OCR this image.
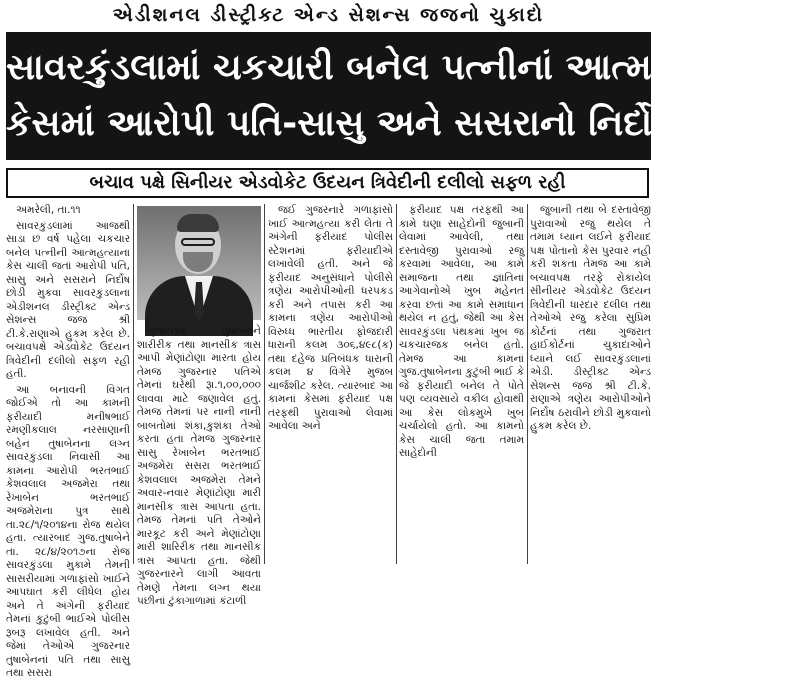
એડીશનલ ડીસ્ટ્રીક્ટ એન્ડ સેશન્સ જજનો ચુકાદો
સાવરકુંડલામાં ચકચારી બનેલ પત્નીનાં આત્મહત્યા
કેસમાં આરોપી પતિ-સાસુ અને સસરાનો નિર્દોષ છુટકારો
બચાવ પક્ષે સિનીયર એડવોકેટ ઉદયન ત્રિવેદીની દલીલો સફળ રહી

અમરેલી, તા.૧૧

સાવરકુંડલામાં આજથી સાડા છ વર્ષ પહેલા ચકચાર બનેલ પત્નીની આત્મહત્યાના કેસ ચાલી જતાં આરોપી પતિ, સાસુ અને સસરાને નિર્દોષ છોડી મુકવા સાવરકુંડલાના એડીશનલ ડીસ્ટ્રીક્ટ એન્ડ સેશન્સ જજ શ્રી ટી.કે.રાણાએ હુકમ કરેલ છે. બચાવપક્ષે એડવોકેટ ઉદયન ત્રિવેદીની દલીલો સફળ રહી હતી.

આ બનાવની વિગત જોઈએ તો આ કામની ફરીયાદી મનીષભાઈ રમણીકલાલ નરસાણાની બહેન તુષાબેનના લગ્ન સાવરકુંડલા નિવાસી આ કામના આરોપી ભરતભાઈ કેશવલાલ અજમેરા તથા રેખાબેન ભરતભાઈ અજમેરાના પુત્ર સાથે તા.૨૮/૧/૨૦૧૪ના રોજ થયેલ હતા. ત્યારબાદ ગુજ.તુષાબેને તા. ૨૮/૪/૨૦૧૭ના રોજ સાવરકુંડલા મુકામે તેમની સાસરીયામાં ગળાફાંસો ખાઈને આપઘાત કરી લીધેલ હોય અને તે અંગેની ફરીયાદ તેમનાં કુટુંબી ભાઈએ પોલીસ રૂબરૂ લખાવેલ હતી. અને જેમાં તેઓએ ગુજરનાર તુષાબેનનાં પતિ તથા સાસુ તથા સસરા

ગુજરનાર તુષાબેનને શારીરીક તથા માનસીક ત્રાસ આપી મેણાંટોણા મારતા હોય તેમજ ગુજરનાર પતિએ તેમનાં ઘરેથી રૂા.૧,૦૦,૦૦૦ લાવવા માટે જણાવેલ હતું. તેમજ તેમનાં પર નાની નાની બાબતોમાં શંકા,કુશંકા તેઓ કરતા હતા તેમજ ગુજરનાર સાસુ રેખાબેન ભરતભાઈ અજમેરા સસરા ભરતભાઈ કેશવલાલ અજમેરા તેમને અવાર-નવાર મેણાંટોણા મારી માનસીક ત્રાસ આપતા હતા. તેમજ તેમનાં પતિ તેઓને મારકૂટ કરી અને મેણાંટોણા મારી શારિરીક તથા માનસીક ત્રાસ આપતા હતા. જેથી ગુજરનારને લાગી આવતા તેમણે તેમના લગ્ન થયા પછીનાં ટુંકાગાળામાં કંટાળી

જઈ ગુજરનારે ગળાફાંસો ખાઈ આત્મહત્યા કરી લેતા તે અંગેની ફરીયાદ પોલીસ સ્ટેશનમાં ફરીયાદીએ લખાવેલી હતી. અને જે ફરીયાદ અનુસંધાને પોલીસે ત્રણેય આરોપીઓની ધરપકડ કરી અને તપાસ કરી આ કામના ત્રણેય આરોપીઓ વિરુધ્ધ ભારતીય ફોજદારી ધારાની કલમ ૩૦૬,૪૯૮(ક) તથા દહેજ પ્રતિબંધક ધારાની કલમ ૪ વિગેરે મુજબ ચાર્જશીટ કરેલ. ત્યારબાદ આ કામનાં કેસમાં ફરીયાદ પક્ષ તરફથી પુરાવાઓ લેવામાં આવેલા અને

ફરીયાદ પક્ષ તરફથી આ કામે ઘણા સાહેદોની જુબાની લેવામાં આવેલી, તથા દસ્તાવેજી પુરાવાઓ રજુ કરવામાં આવેલા, આ કામે સમાજના તથા જ્ઞાતિનાં આગેવાનોએ ખુબ મહેનત કરવા છતાં આ કામે સમાધાન થયેલ ન હતું, જેથી આ કેસ સાવરકુંડલા પંથકમાં ખુબ જ ચકચારજક બનેલ હતો. તેમજ આ કામનાં ગુજ.તુષાબેનના કુટુંબી ભાઈ કે જે ફરીયાદી બનેલ તે પોતે પણ વ્યવસાયે વકીલ હોવાથી આ કેસ લોકમુખે ખુબ ચર્ચાયેલો હતો. આ કામનો કેસ ચાલી જતા તમામ સાહેદોની

જુબાની તથા બે દસ્તાવેજી પુરાવાઓ રજુ થયેલ તે તમામ ધ્યાન લઈને ફરીયાદ પક્ષ પોતાનો કેસ પુરવાર નહી કરી શકતા તેમજ આ કામે બચાવપક્ષ તરફે રોકાયેલ સીનીયર એડવોકેટ ઉદયન ત્રિવેદીની ધારદાર દલીલ તથા તેઓએ રજુ કરેલા સુપ્રિમ કોર્ટનાં તથા ગુજરાત હાઈકોર્ટનાં ચુકાદાઓને ધ્યાને લઈ સાવરકુંડલાનાં એડી. ડીસ્ટ્રીક્ટ એન્ડ સેશન્સ જજ શ્રી ટી.કે. રાણાએ ત્રણેય આરોપીઓને નિર્દોષ ઠરાવીને છોડી મુકવાનો હુકમ કરેલ છે.
